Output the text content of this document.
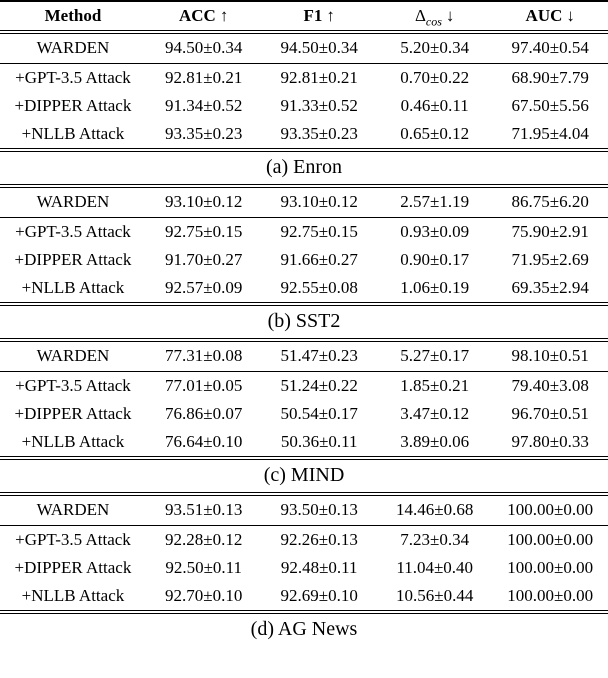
Method	ACC ↑	F1 ↑	$\Delta_{cos}$ ↓	AUC ↓
WARDEN	94.50±0.34	94.50±0.34	5.20±0.34	97.40±0.54
+GPT-3.5 Attack	92.81±0.21	92.81±0.21	0.70±0.22	68.90±7.79
+DIPPER Attack	91.34±0.52	91.33±0.52	0.46±0.11	67.50±5.56
+NLLB Attack	93.35±0.23	93.35±0.23	0.65±0.12	71.95±4.04
(a) Enron
WARDEN	93.10±0.12	93.10±0.12	2.57±1.19	86.75±6.20
+GPT-3.5 Attack	92.75±0.15	92.75±0.15	0.93±0.09	75.90±2.91
+DIPPER Attack	91.70±0.27	91.66±0.27	0.90±0.17	71.95±2.69
+NLLB Attack	92.57±0.09	92.55±0.08	1.06±0.19	69.35±2.94
(b) SST2
WARDEN	77.31±0.08	51.47±0.23	5.27±0.17	98.10±0.51
+GPT-3.5 Attack	77.01±0.05	51.24±0.22	1.85±0.21	79.40±3.08
+DIPPER Attack	76.86±0.07	50.54±0.17	3.47±0.12	96.70±0.51
+NLLB Attack	76.64±0.10	50.36±0.11	3.89±0.06	97.80±0.33
(c) MIND
WARDEN	93.51±0.13	93.50±0.13	14.46±0.68	100.00±0.00
+GPT-3.5 Attack	92.28±0.12	92.26±0.13	7.23±0.34	100.00±0.00
+DIPPER Attack	92.50±0.11	92.48±0.11	11.04±0.40	100.00±0.00
+NLLB Attack	92.70±0.10	92.69±0.10	10.56±0.44	100.00±0.00
(d) AG News
